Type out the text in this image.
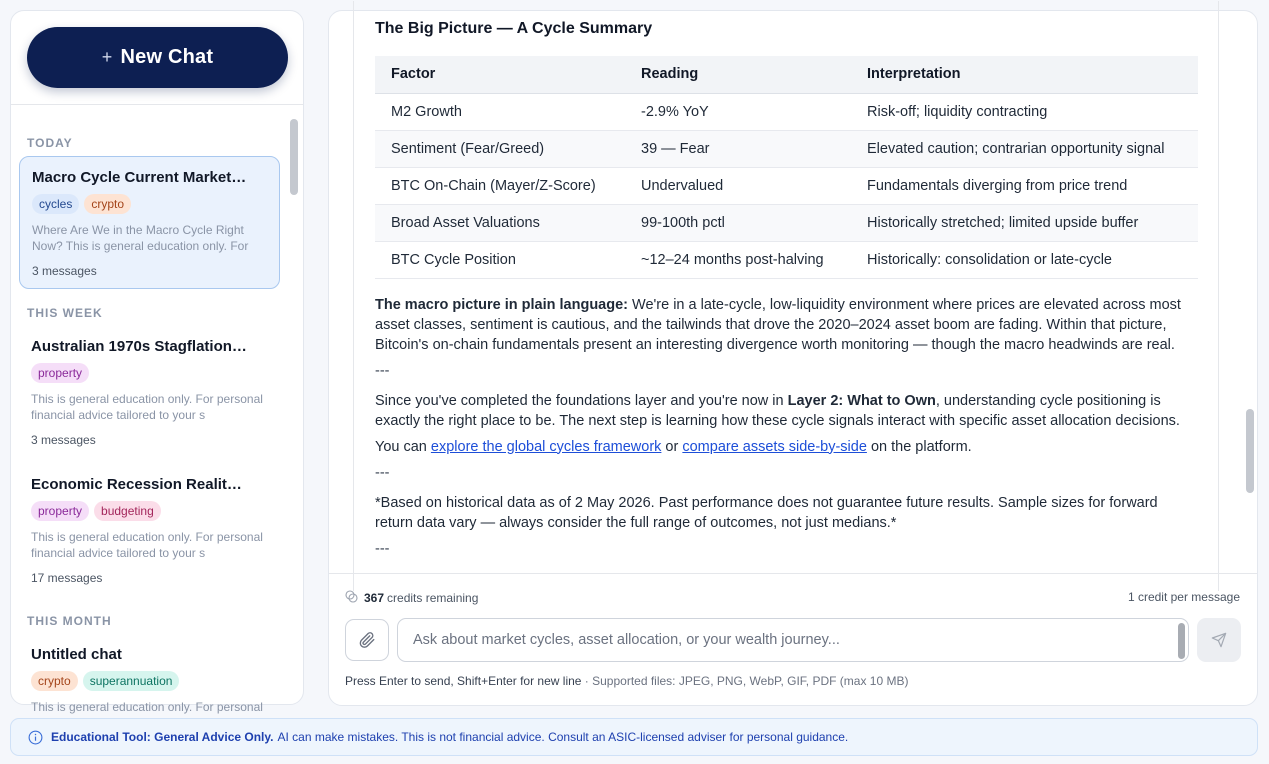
+ New Chat
TODAY
Macro Cycle Current Market…
cycles	crypto
Where Are We in the Macro Cycle Right Now? This is general education only. For
3 messages
THIS WEEK
Australian 1970s Stagflation…
property
This is general education only. For personal financial advice tailored to your s
3 messages
Economic Recession Realit…
property	budgeting
This is general education only. For personal financial advice tailored to your s
17 messages
THIS MONTH
Untitled chat
crypto	superannuation
This is general education only. For personal
The Big Picture — A Cycle Summary
Factor	Reading	Interpretation
M2 Growth	-2.9% YoY	Risk-off; liquidity contracting
Sentiment (Fear/Greed)	39 — Fear	Elevated caution; contrarian opportunity signal
BTC On-Chain (Mayer/Z-Score)	Undervalued	Fundamentals diverging from price trend
Broad Asset Valuations	99-100th pctl	Historically stretched; limited upside buffer
BTC Cycle Position	~12–24 months post-halving	Historically: consolidation or late-cycle

The macro picture in plain language: We're in a late-cycle, low-liquidity environment where prices are elevated across most asset classes, sentiment is cautious, and the tailwinds that drove the 2020–2024 asset boom are fading. Within that picture, Bitcoin's on-chain fundamentals present an interesting divergence worth monitoring — though the macro headwinds are real.

---

Since you've completed the foundations layer and you're now in Layer 2: What to Own, understanding cycle positioning is exactly the right place to be. The next step is learning how these cycle signals interact with specific asset allocation decisions.

You can explore the global cycles framework or compare assets side-by-side on the platform.

---

*Based on historical data as of 2 May 2026. Past performance does not guarantee future results. Sample sizes for forward return data vary — always consider the full range of outcomes, not just medians.*

---

367 credits remaining	1 credit per message
Ask about market cycles, asset allocation, or your wealth journey...
Press Enter to send, Shift+Enter for new line · Supported files: JPEG, PNG, WebP, GIF, PDF (max 10 MB)
Educational Tool: General Advice Only. AI can make mistakes. This is not financial advice. Consult an ASIC-licensed adviser for personal guidance.
